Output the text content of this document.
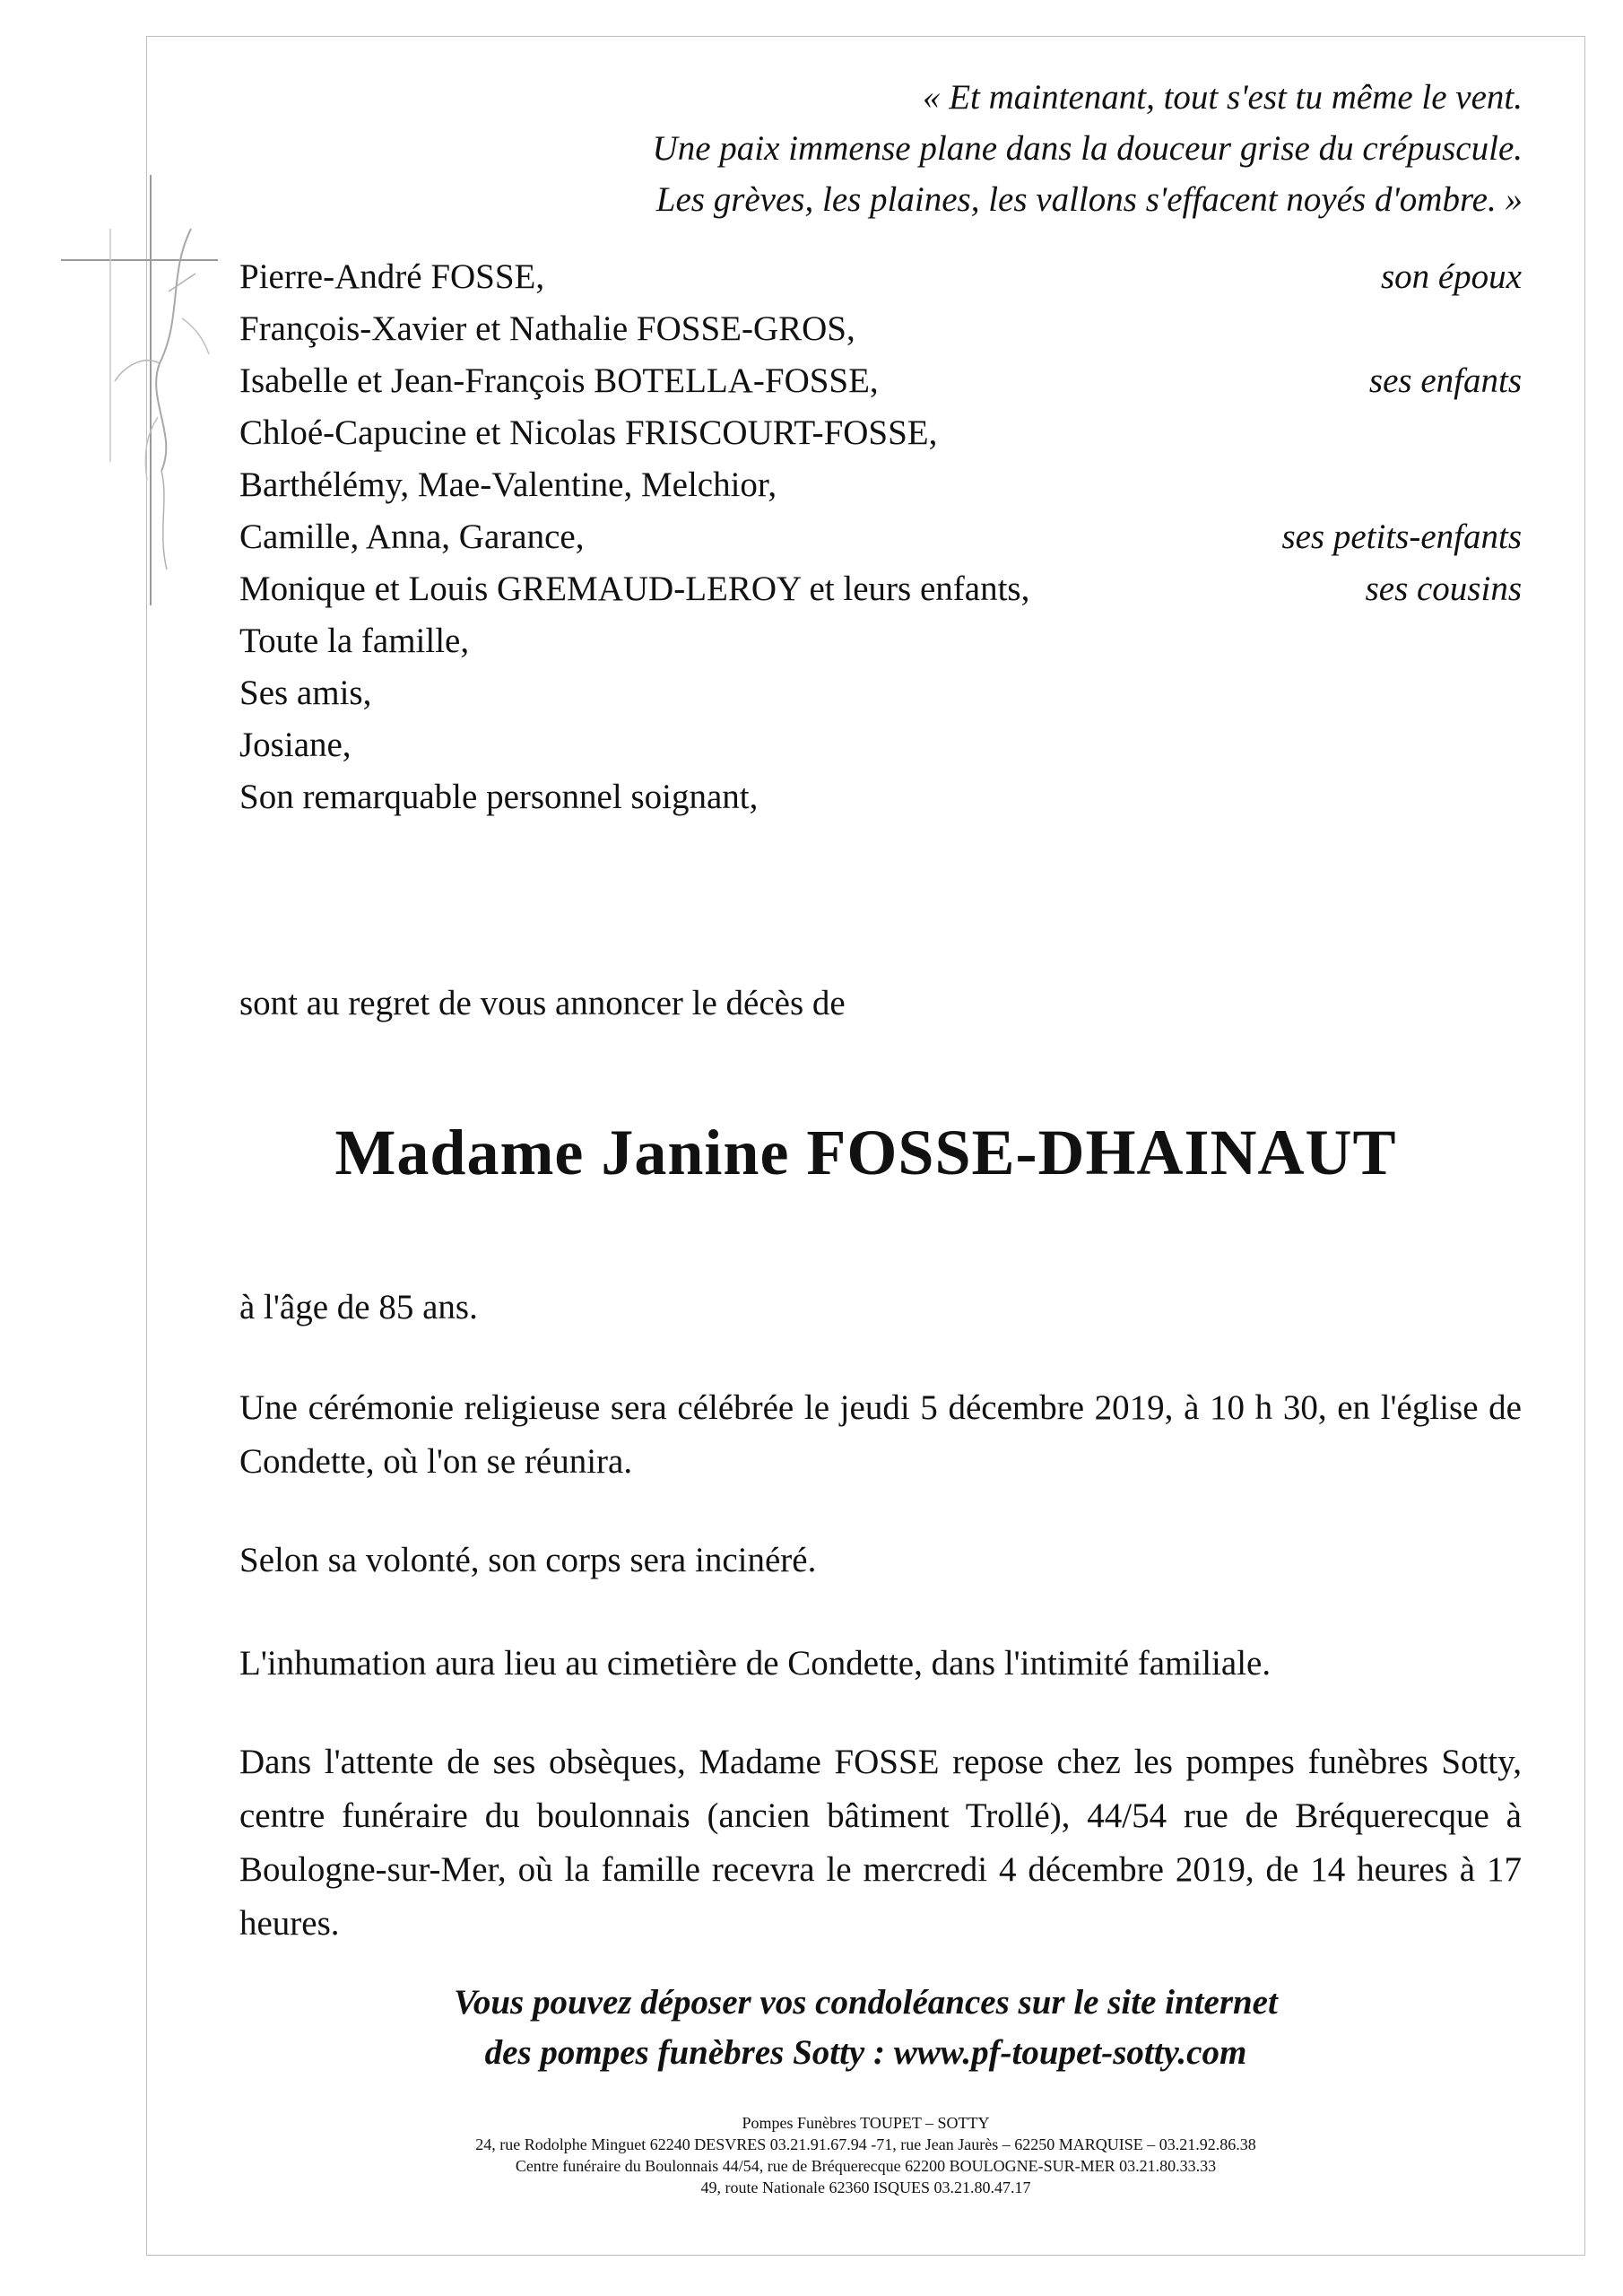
« Et maintenant, tout s'est tu même le vent.
Une paix immense plane dans la douceur grise du crépuscule.
Les grèves, les plaines, les vallons s'effacent noyés d'ombre. »
Pierre-André FOSSE,	son époux
François-Xavier et Nathalie FOSSE-GROS,
Isabelle et Jean-François BOTELLA-FOSSE,	ses enfants
Chloé-Capucine et Nicolas FRISCOURT-FOSSE,
Barthélémy, Mae-Valentine, Melchior,
Camille, Anna, Garance,	ses petits-enfants
Monique et Louis GREMAUD-LEROY et leurs enfants,	ses cousins
Toute la famille,
Ses amis,
Josiane,
Son remarquable personnel soignant,
sont au regret de vous annoncer le décès de
Madame Janine FOSSE-DHAINAUT
à l'âge de 85 ans.
Une cérémonie religieuse sera célébrée le jeudi 5 décembre 2019, à 10 h 30, en l'église de Condette, où l'on se réunira.
Selon sa volonté, son corps sera incinéré.
L'inhumation aura lieu au cimetière de Condette, dans l'intimité familiale.
Dans l'attente de ses obsèques, Madame FOSSE repose chez les pompes funèbres Sotty, centre funéraire du boulonnais (ancien bâtiment Trollé), 44/54 rue de Bréquerecque à Boulogne-sur-Mer, où la famille recevra le mercredi 4 décembre 2019, de 14 heures à 17 heures.
Vous pouvez déposer vos condoléances sur le site internet
des pompes funèbres Sotty : www.pf-toupet-sotty.com
Pompes Funèbres TOUPET – SOTTY
24, rue Rodolphe Minguet 62240 DESVRES 03.21.91.67.94 -71, rue Jean Jaurès – 62250 MARQUISE – 03.21.92.86.38
Centre funéraire du Boulonnais 44/54, rue de Bréquerecque 62200 BOULOGNE-SUR-MER 03.21.80.33.33
49, route Nationale 62360 ISQUES 03.21.80.47.17
